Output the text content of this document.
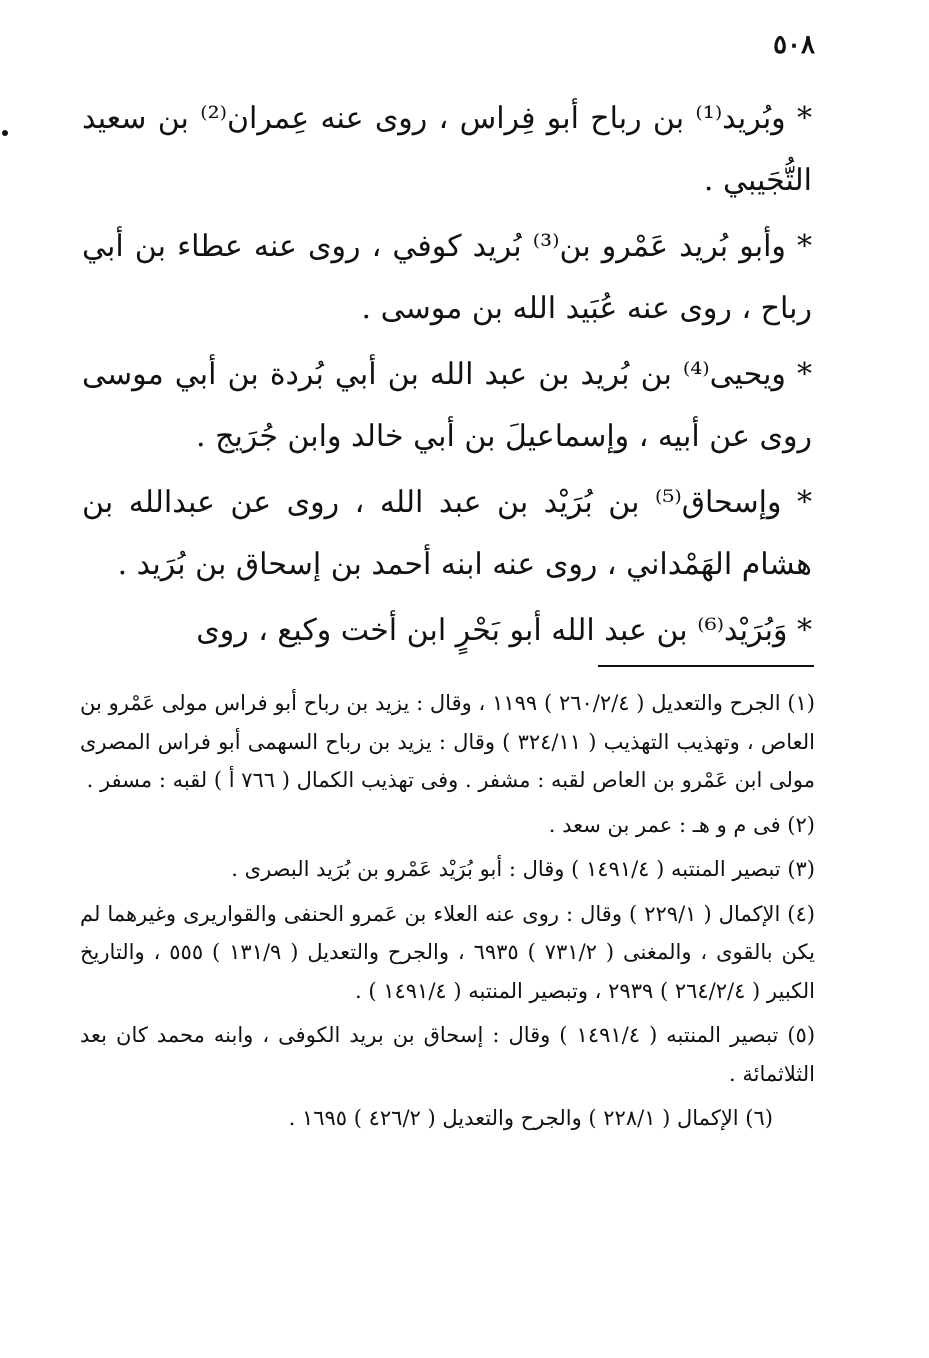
٥٠٨

* وبُريد⁽¹⁾ بن رباح أبو فِراس ، روى عنه عِمران⁽²⁾ بن سعيد التُّجَيبي .

* وأبو بُريد عَمْرو بن⁽³⁾ بُريد كوفي ، روى عنه عطاء بن أبي رباح ، روى عنه عُبَيد الله بن موسى .

* ويحيى⁽⁴⁾ بن بُريد بن عبد الله بن أبي بُردة بن أبي موسى روى عن أبيه ، وإسماعيلَ بن أبي خالد وابن جُرَيج .

* وإسحاق⁽⁵⁾ بن بُرَيْد بن عبد الله ، روى عن عبدالله بن هشام الهَمْداني ، روى عنه ابنه أحمد بن إسحاق بن بُرَيد .

* وَبُرَيْد⁽⁶⁾ بن عبد الله أبو بَحْرٍ ابن أخت وكيع ، روى

(١) الجرح والتعديل ( ٢٦٠/٢/٤ ) ١١٩٩ ، وقال : يزيد بن رباح أبو فراس مولى عَمْرو بن العاص ، وتهذيب التهذيب ( ٣٢٤/١١ ) وقال : يزيد بن رباح السهمى أبو فراس المصرى مولى ابن عَمْرو بن العاص لقبه : مشفر . وفى تهذيب الكمال ( ٧٦٦ أ ) لقبه : مسفر .

(٢) فى م و هـ : عمر بن سعد .

(٣) تبصير المنتبه ( ١٤٩١/٤ ) وقال : أبو بُرَيْد عَمْرو بن بُرَيد البصرى .

(٤) الإكمال ( ٢٢٩/١ ) وقال : روى عنه العلاء بن عَمرو الحنفى والقواريرى وغيرهما لم يكن بالقوى ، والمغنى ( ٧٣١/٢ ) ٦٩٣٥ ، والجرح والتعديل ( ١٣١/٩ ) ٥٥٥ ، والتاريخ الكبير ( ٢٦٤/٢/٤ ) ٢٩٣٩ ، وتبصير المنتبه ( ١٤٩١/٤ ) .

(٥) تبصير المنتبه ( ١٤٩١/٤ ) وقال : إسحاق بن بريد الكوفى ، وابنه محمد كان بعد الثلاثمائة .

(٦) الإكمال ( ٢٢٨/١ ) والجرح والتعديل ( ٤٢٦/٢ ) ١٦٩٥ .
